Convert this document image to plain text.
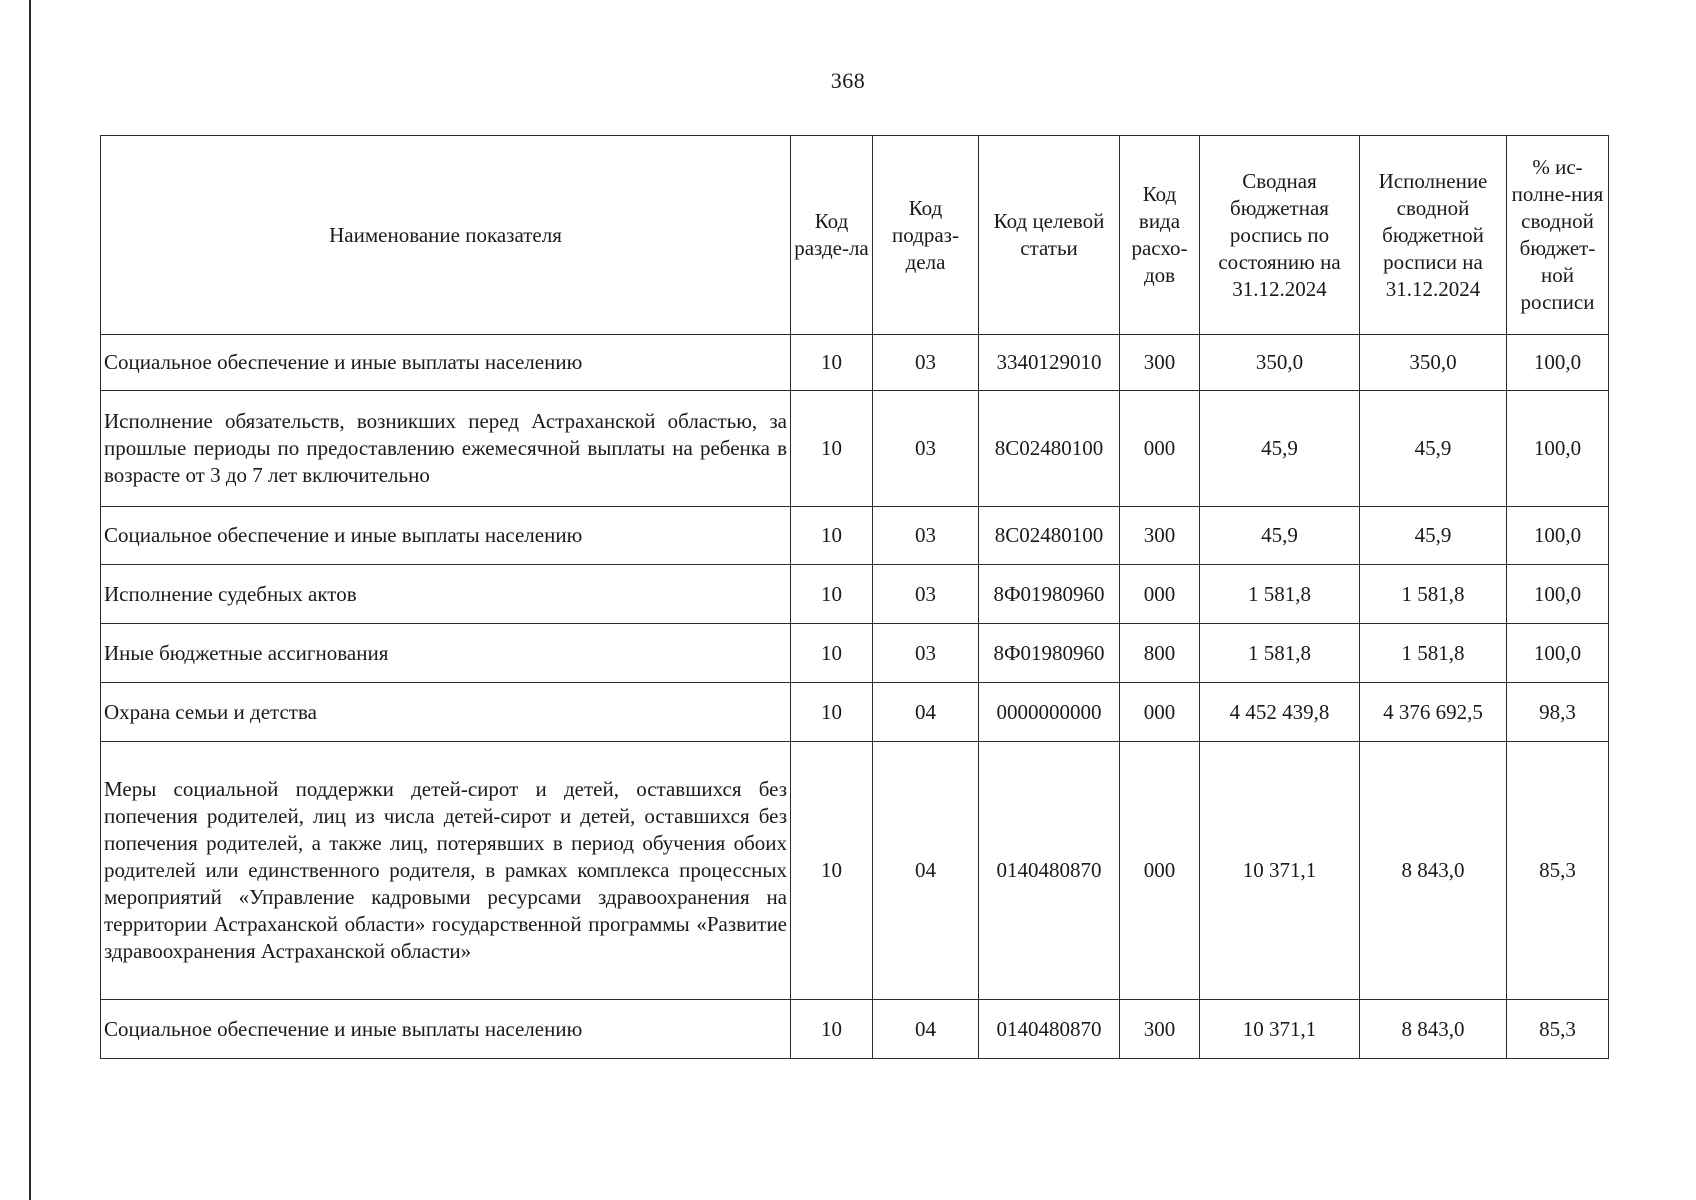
368
Наименование показателя	Код разде-ла	Код подраз-дела	Код целевой статьи	Код вида расхо-дов	Сводная бюджетная роспись по состоянию на 31.12.2024	Исполнение сводной бюджетной росписи на 31.12.2024	% ис-полне-ния сводной бюджет-ной росписи
Социальное обеспечение и иные выплаты населению	10	03	3340129010	300	350,0	350,0	100,0
Исполнение обязательств, возникших перед Астраханской областью, за прошлые периоды по предоставлению ежемесячной выплаты на ребенка в возрасте от 3 до 7 лет включительно	10	03	8С02480100	000	45,9	45,9	100,0
Социальное обеспечение и иные выплаты населению	10	03	8С02480100	300	45,9	45,9	100,0
Исполнение судебных актов	10	03	8Ф01980960	000	1 581,8	1 581,8	100,0
Иные бюджетные ассигнования	10	03	8Ф01980960	800	1 581,8	1 581,8	100,0
Охрана семьи и детства	10	04	0000000000	000	4 452 439,8	4 376 692,5	98,3
Меры социальной поддержки детей-сирот и детей, оставшихся без попечения родителей, лиц из числа детей-сирот и детей, оставшихся без попечения родителей, а также лиц, потерявших в период обучения обоих родителей или единственного родителя, в рамках комплекса процессных мероприятий «Управление кадровыми ресурсами здравоохранения на территории Астраханской области» государственной программы «Развитие здравоохранения Астраханской области»	10	04	0140480870	000	10 371,1	8 843,0	85,3
Социальное обеспечение и иные выплаты населению	10	04	0140480870	300	10 371,1	8 843,0	85,3
